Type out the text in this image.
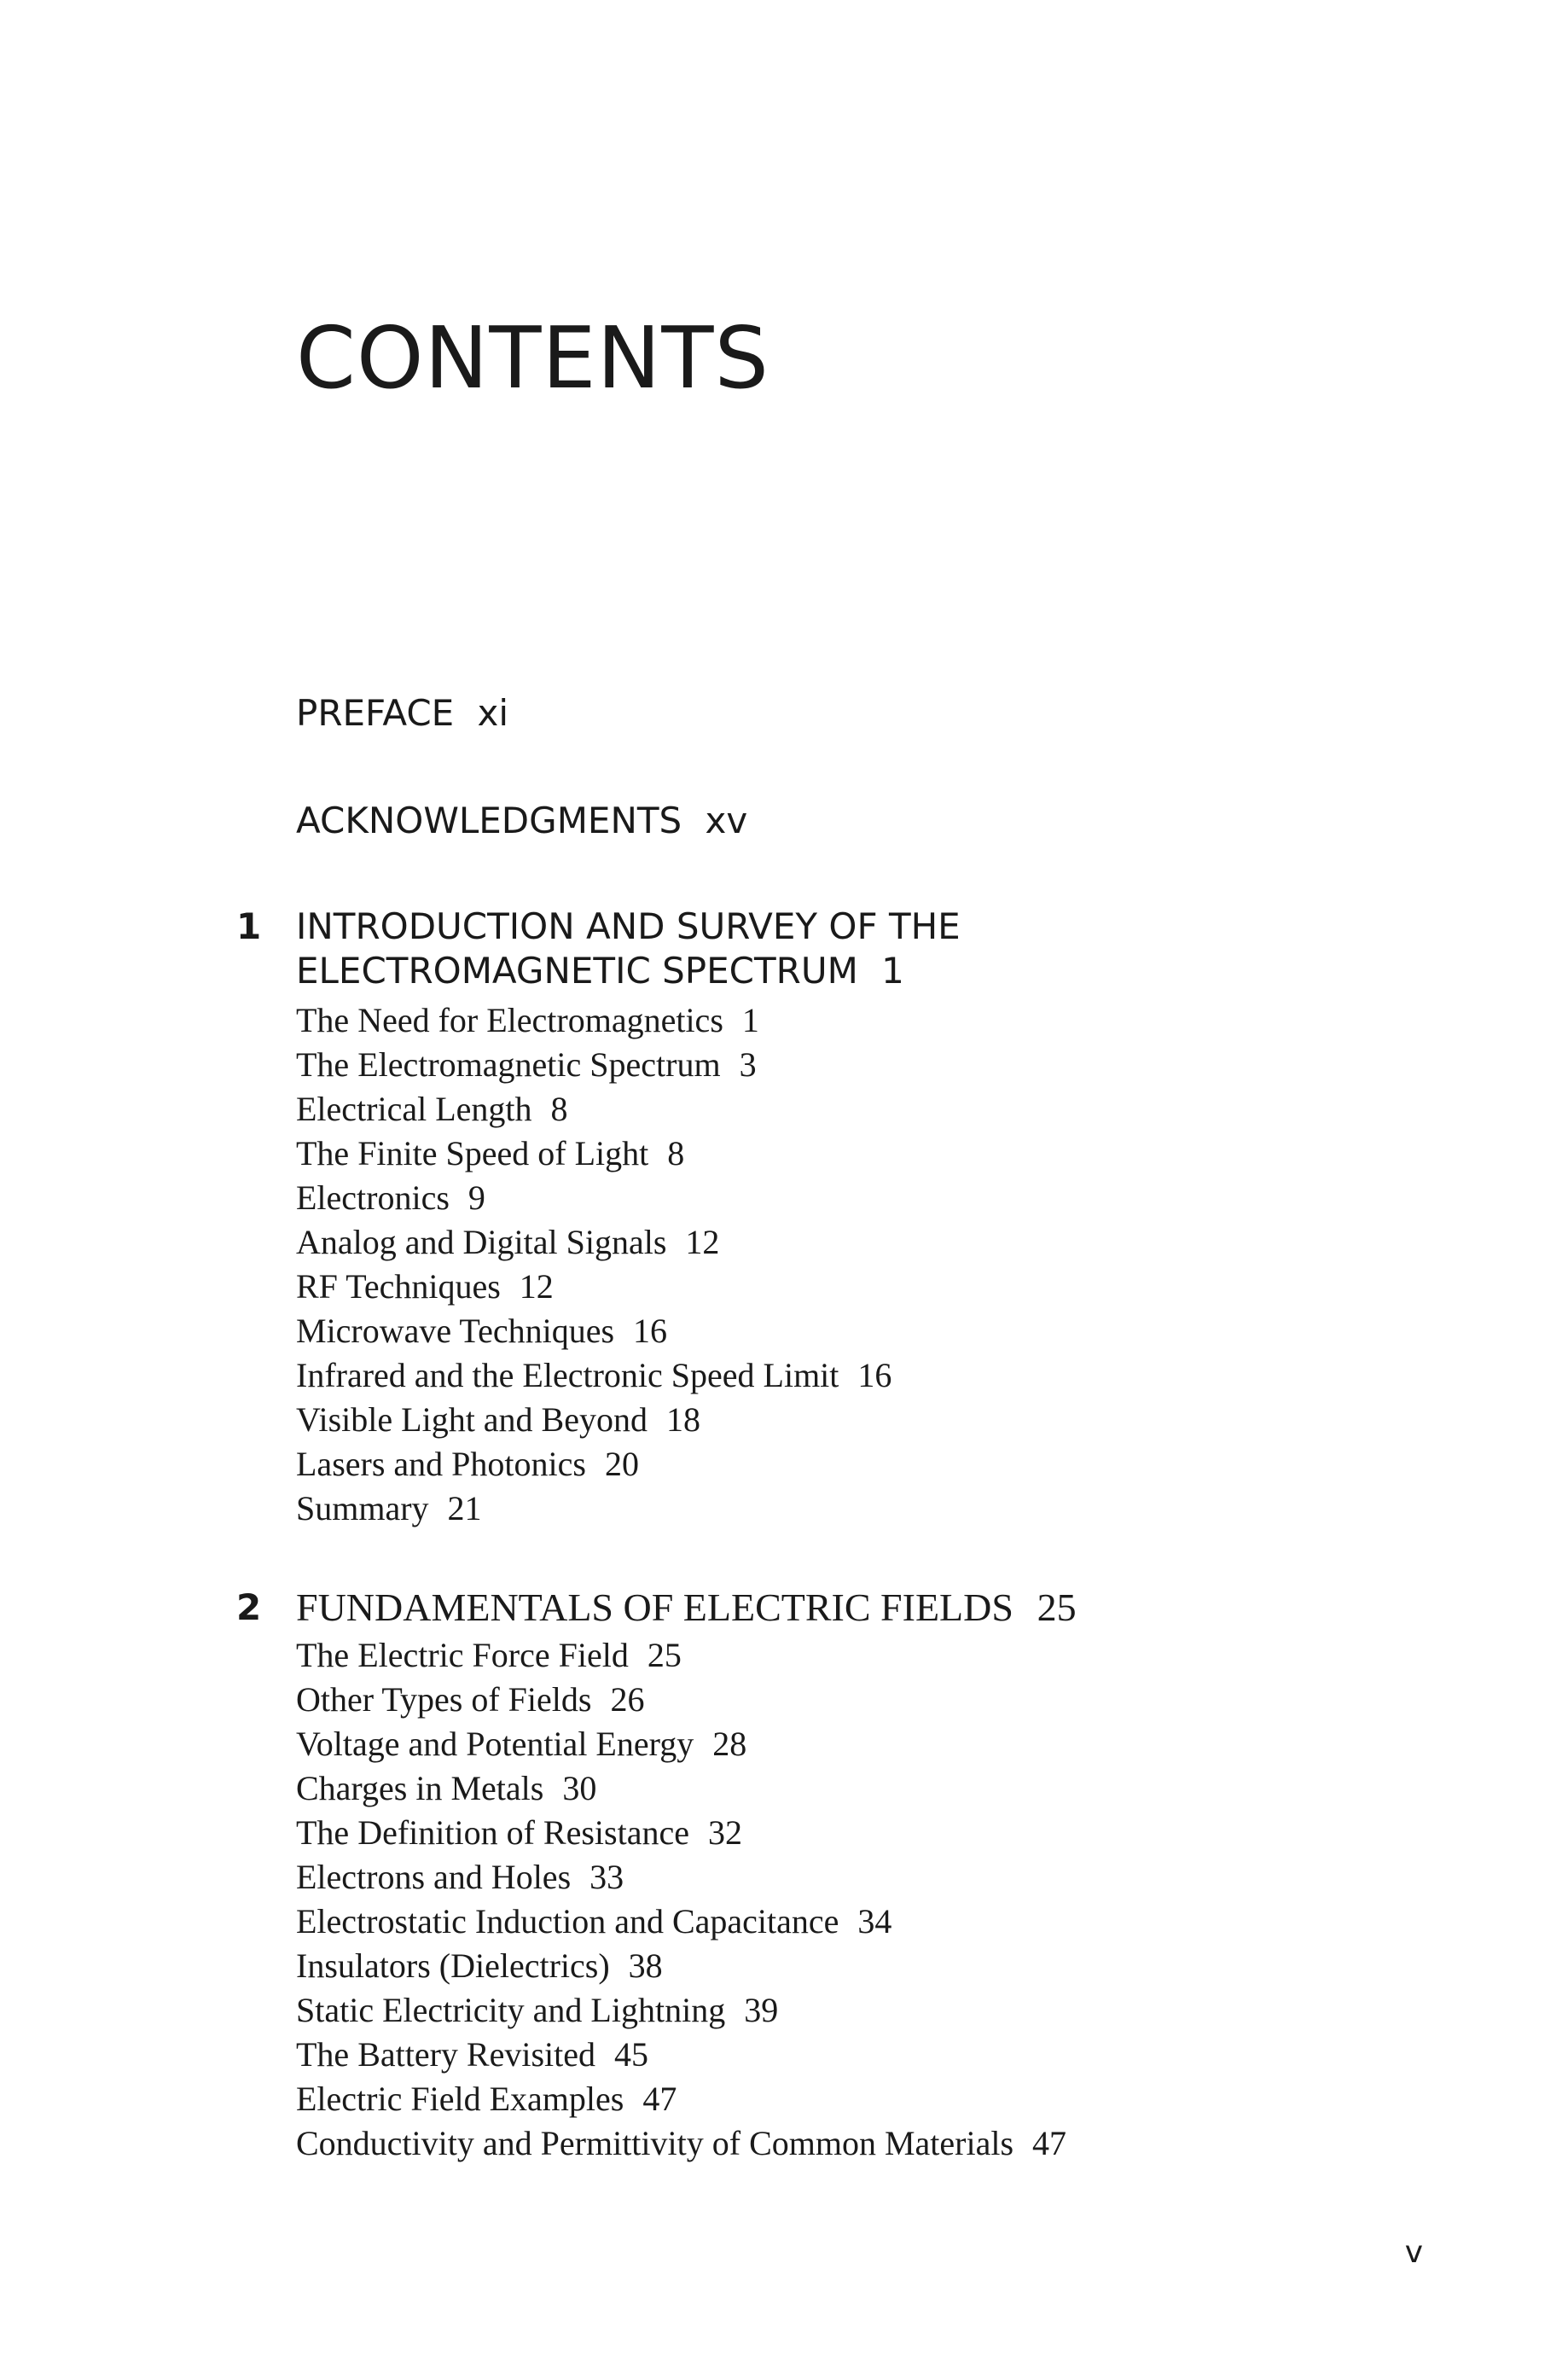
CONTENTS
PREFACE xi
ACKNOWLEDGMENTS xv
1 INTRODUCTION AND SURVEY OF THE
ELECTROMAGNETIC SPECTRUM 1
The Need for Electromagnetics 1
The Electromagnetic Spectrum 3
Electrical Length 8
The Finite Speed of Light 8
Electronics 9
Analog and Digital Signals 12
RF Techniques 12
Microwave Techniques 16
Infrared and the Electronic Speed Limit 16
Visible Light and Beyond 18
Lasers and Photonics 20
Summary 21
2 FUNDAMENTALS OF ELECTRIC FIELDS 25
The Electric Force Field 25
Other Types of Fields 26
Voltage and Potential Energy 28
Charges in Metals 30
The Definition of Resistance 32
Electrons and Holes 33
Electrostatic Induction and Capacitance 34
Insulators (Dielectrics) 38
Static Electricity and Lightning 39
The Battery Revisited 45
Electric Field Examples 47
Conductivity and Permittivity of Common Materials 47
v
